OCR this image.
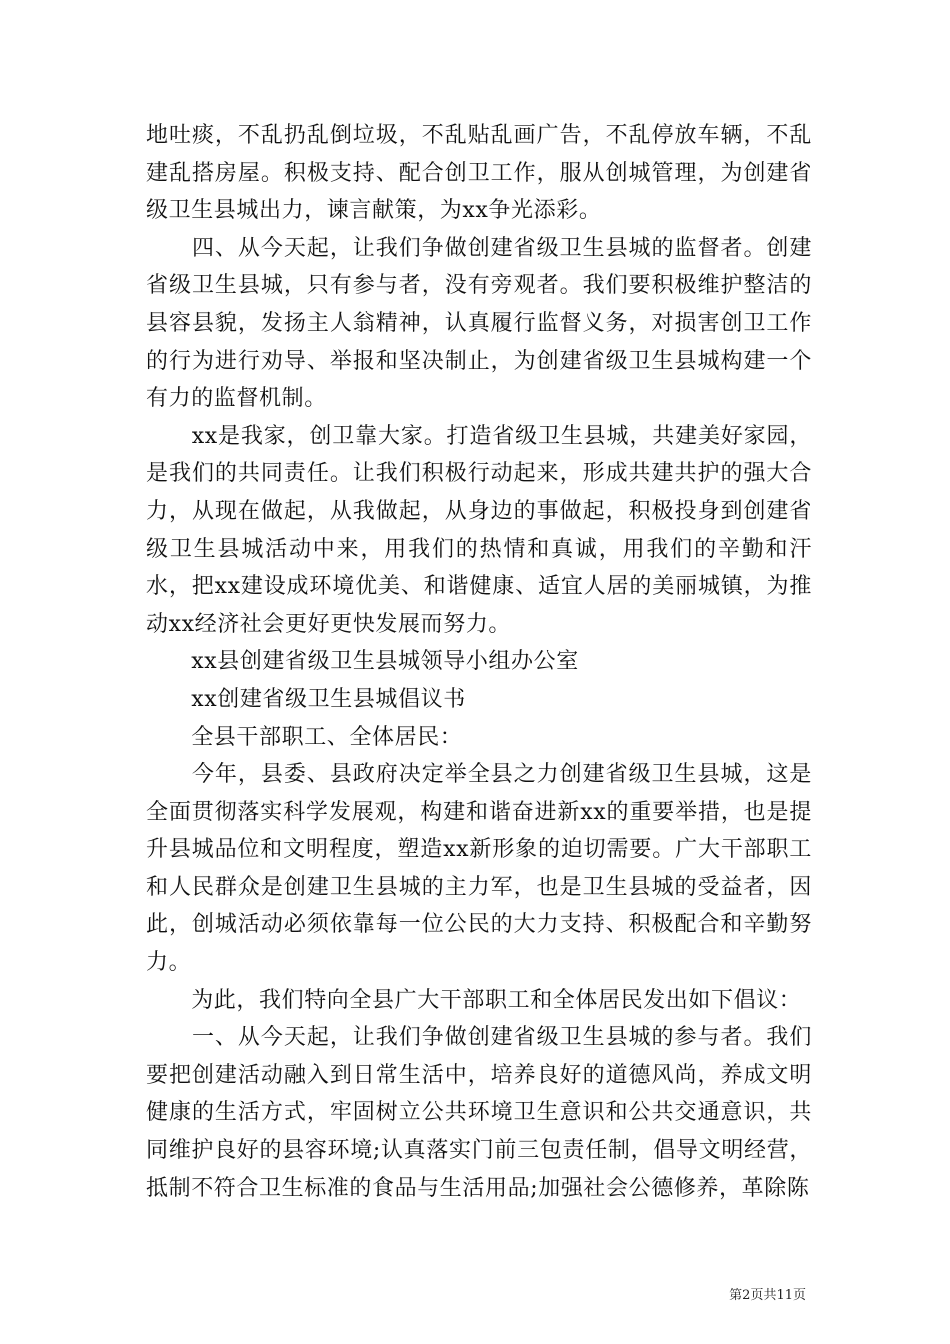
地吐痰，不乱扔乱倒垃圾，不乱贴乱画广告，不乱停放车辆，不乱建乱搭房屋。积极支持、配合创卫工作，服从创城管理，为创建省级卫生县城出力，谏言献策，为xx争光添彩。

　　四、从今天起，让我们争做创建省级卫生县城的监督者。创建省级卫生县城，只有参与者，没有旁观者。我们要积极维护整洁的县容县貌，发扬主人翁精神，认真履行监督义务，对损害创卫工作的行为进行劝导、举报和坚决制止，为创建省级卫生县城构建一个有力的监督机制。

　　xx是我家，创卫靠大家。打造省级卫生县城，共建美好家园，是我们的共同责任。让我们积极行动起来，形成共建共护的强大合力，从现在做起，从我做起，从身边的事做起，积极投身到创建省级卫生县城活动中来，用我们的热情和真诚，用我们的辛勤和汗水，把xx建设成环境优美、和谐健康、适宜人居的美丽城镇，为推动xx经济社会更好更快发展而努力。

　　xx县创建省级卫生县城领导小组办公室

　　xx创建省级卫生县城倡议书

　　全县干部职工、全体居民：

　　今年，县委、县政府决定举全县之力创建省级卫生县城，这是全面贯彻落实科学发展观，构建和谐奋进新xx的重要举措，也是提升县城品位和文明程度，塑造xx新形象的迫切需要。广大干部职工和人民群众是创建卫生县城的主力军，也是卫生县城的受益者，因此，创城活动必须依靠每一位公民的大力支持、积极配合和辛勤努力。

　　为此，我们特向全县广大干部职工和全体居民发出如下倡议：

　　一、从今天起，让我们争做创建省级卫生县城的参与者。我们要把创建活动融入到日常生活中，培养良好的道德风尚，养成文明健康的生活方式，牢固树立公共环境卫生意识和公共交通意识，共同维护良好的县容环境;认真落实门前三包责任制，倡导文明经营，抵制不符合卫生标准的食品与生活用品;加强社会公德修养，革除陈

第2页共11页
